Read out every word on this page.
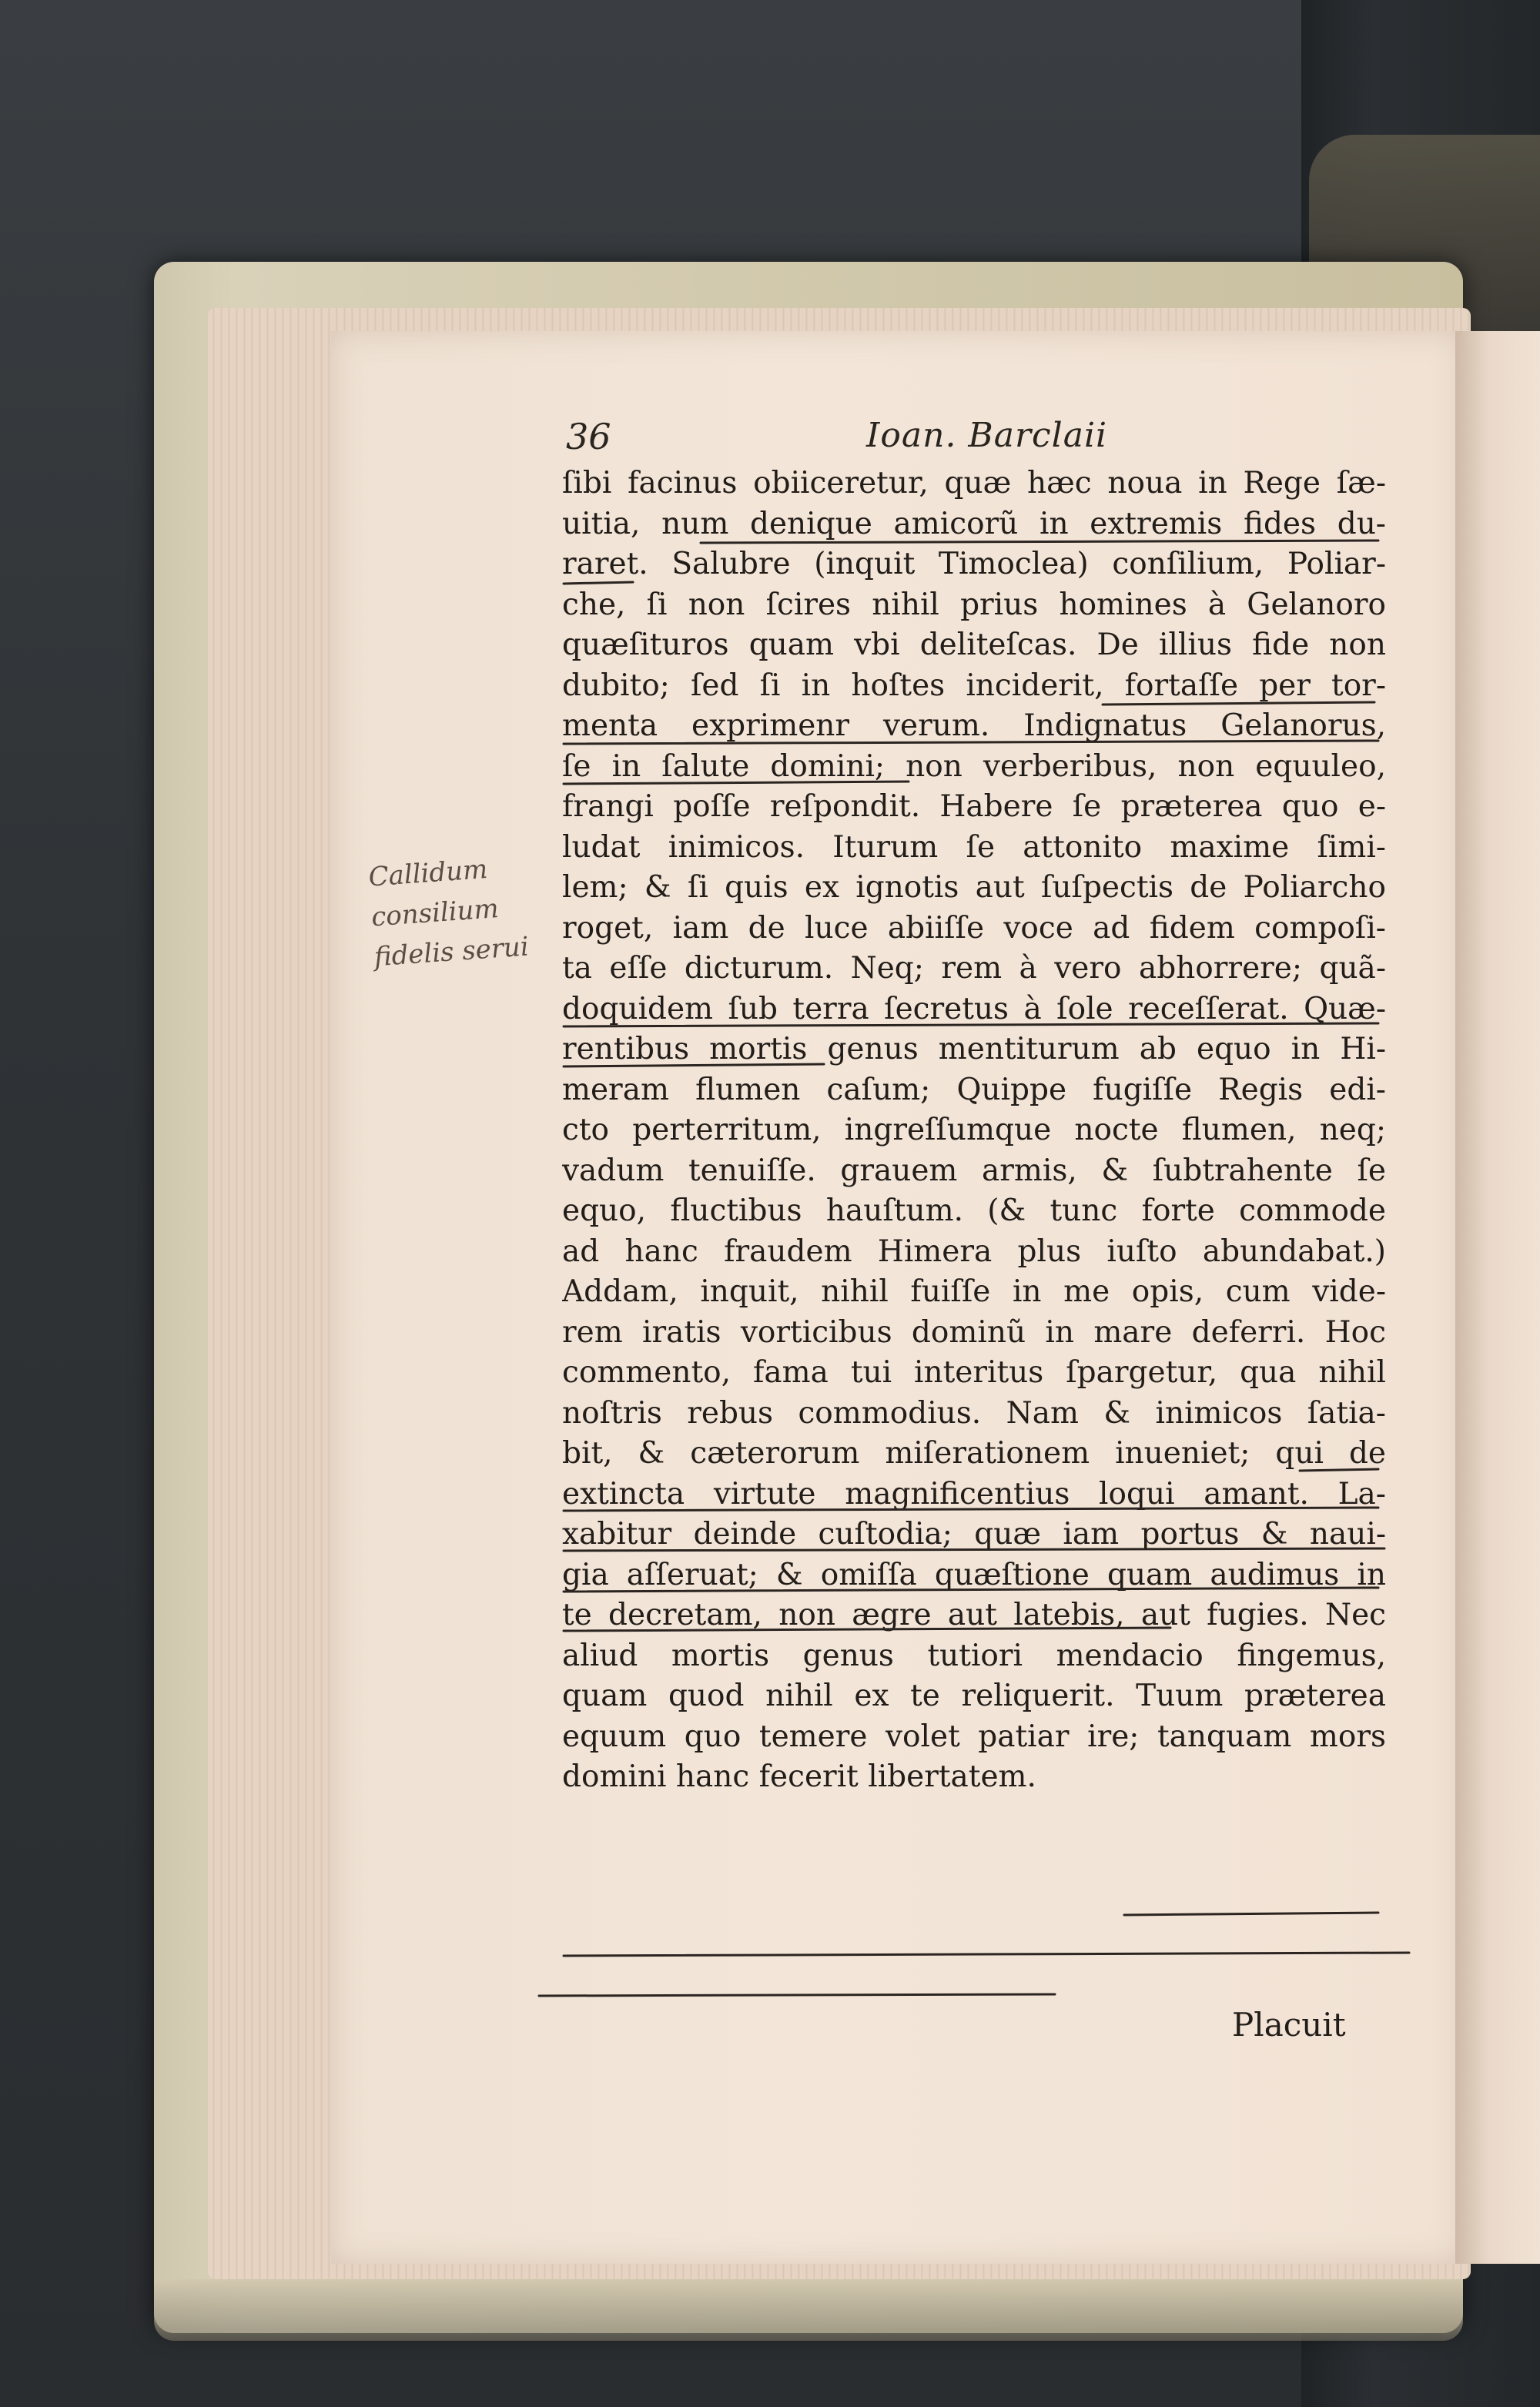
36	Ioan. Barclaii
Callidum
consilium
fidelis serui
ſibi facinus obiiceretur, quæ hæc noua in Rege ſæ-
uitia, num denique amicorũ in extremis fides du-
raret. Salubre (inquit Timoclea) conſilium, Poliar-
che, ſi non ſcires nihil prius homines à Gelanoro
quæſituros quam vbi deliteſcas. De illius fide non
dubito; ſed ſi in hoſtes inciderit, fortaſſe per tor-
menta exprimenr verum. Indignatus Gelanorus,
ſe in ſalute domini; non verberibus, non equuleo,
frangi poſſe reſpondit. Habere ſe præterea quo e-
ludat inimicos. Iturum ſe attonito maxime ſimi-
lem; & ſi quis ex ignotis aut ſuſpectis de Poliarcho
roget, iam de luce abiiſſe voce ad fidem compoſi-
ta eſſe dicturum. Neq; rem à vero abhorrere; quã-
doquidem ſub terra ſecretus à ſole receſſerat. Quæ-
rentibus mortis genus mentiturum ab equo in Hi-
meram flumen caſum; Quippe fugiſſe Regis edi-
cto perterritum, ingreſſumque nocte flumen, neq;
vadum tenuiſſe. grauem armis, & ſubtrahente ſe
equo, fluctibus hauſtum. (& tunc forte commode
ad hanc fraudem Himera plus iuſto abundabat.)
Addam, inquit, nihil fuiſſe in me opis, cum vide-
rem iratis vorticibus dominũ in mare deferri. Hoc
commento, fama tui interitus ſpargetur, qua nihil
noſtris rebus commodius. Nam & inimicos ſatia-
bit, & cæterorum miſerationem inueniet; qui de
extincta virtute magnificentius loqui amant. La-
xabitur deinde cuſtodia; quæ iam portus & naui-
gia aſſeruat; & omiſſa quæſtione quam audimus in
te decretam, non ægre aut latebis, aut fugies. Nec
aliud mortis genus tutiori mendacio fingemus,
quam quod nihil ex te reliquerit. Tuum præterea
equum quo temere volet patiar ire; tanquam mors
domini hanc fecerit libertatem.
Placuit
